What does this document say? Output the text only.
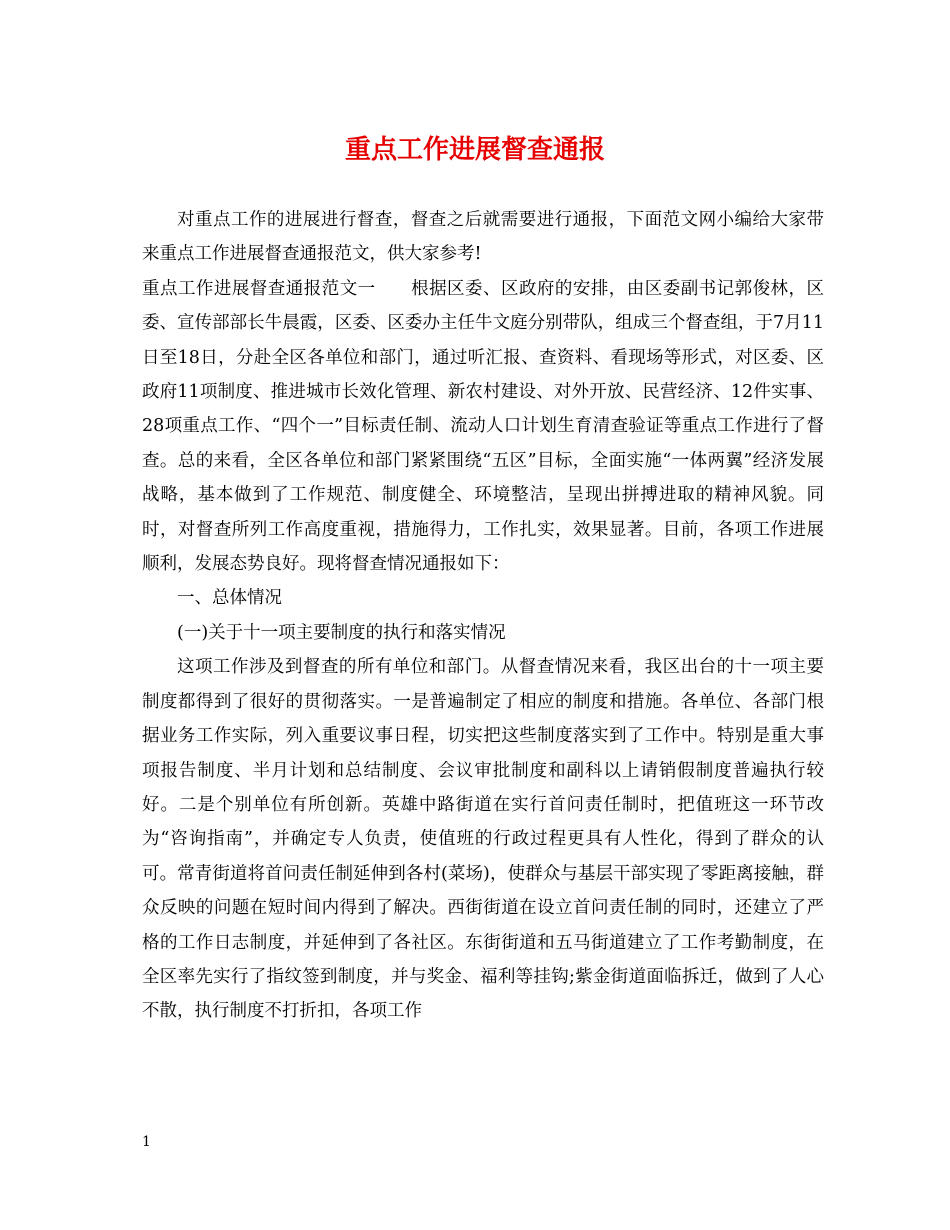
重点工作进展督查通报

对重点工作的进展进行督查，督查之后就需要进行通报，下面范文网小编给大家带来重点工作进展督查通报范文，供大家参考!

重点工作进展督查通报范文一 根据区委、区政府的安排，由区委副书记郭俊林，区委、宣传部部长牛晨霞，区委、区委办主任牛文庭分别带队，组成三个督查组，于7月11日至18日，分赴全区各单位和部门，通过听汇报、查资料、看现场等形式，对区委、区政府11项制度、推进城市长效化管理、新农村建设、对外开放、民营经济、12件实事、28项重点工作、“四个一”目标责任制、流动人口计划生育清查验证等重点工作进行了督查。总的来看，全区各单位和部门紧紧围绕“五区”目标，全面实施“一体两翼”经济发展战略，基本做到了工作规范、制度健全、环境整洁，呈现出拼搏进取的精神风貌。同时，对督查所列工作高度重视，措施得力，工作扎实，效果显著。目前，各项工作进展顺利，发展态势良好。现将督查情况通报如下：

一、总体情况

(一)关于十一项主要制度的执行和落实情况

这项工作涉及到督查的所有单位和部门。从督查情况来看，我区出台的十一项主要制度都得到了很好的贯彻落实。一是普遍制定了相应的制度和措施。各单位、各部门根据业务工作实际，列入重要议事日程，切实把这些制度落实到了工作中。特别是重大事项报告制度、半月计划和总结制度、会议审批制度和副科以上请销假制度普遍执行较好。二是个别单位有所创新。英雄中路街道在实行首问责任制时，把值班这一环节改为“咨询指南”，并确定专人负责，使值班的行政过程更具有人性化，得到了群众的认可。常青街道将首问责任制延伸到各村(菜场)，使群众与基层干部实现了零距离接触，群众反映的问题在短时间内得到了解决。西街街道在设立首问责任制的同时，还建立了严格的工作日志制度，并延伸到了各社区。东街街道和五马街道建立了工作考勤制度，在全区率先实行了指纹签到制度，并与奖金、福利等挂钩;紫金街道面临拆迁，做到了人心不散，执行制度不打折扣，各项工作

1
